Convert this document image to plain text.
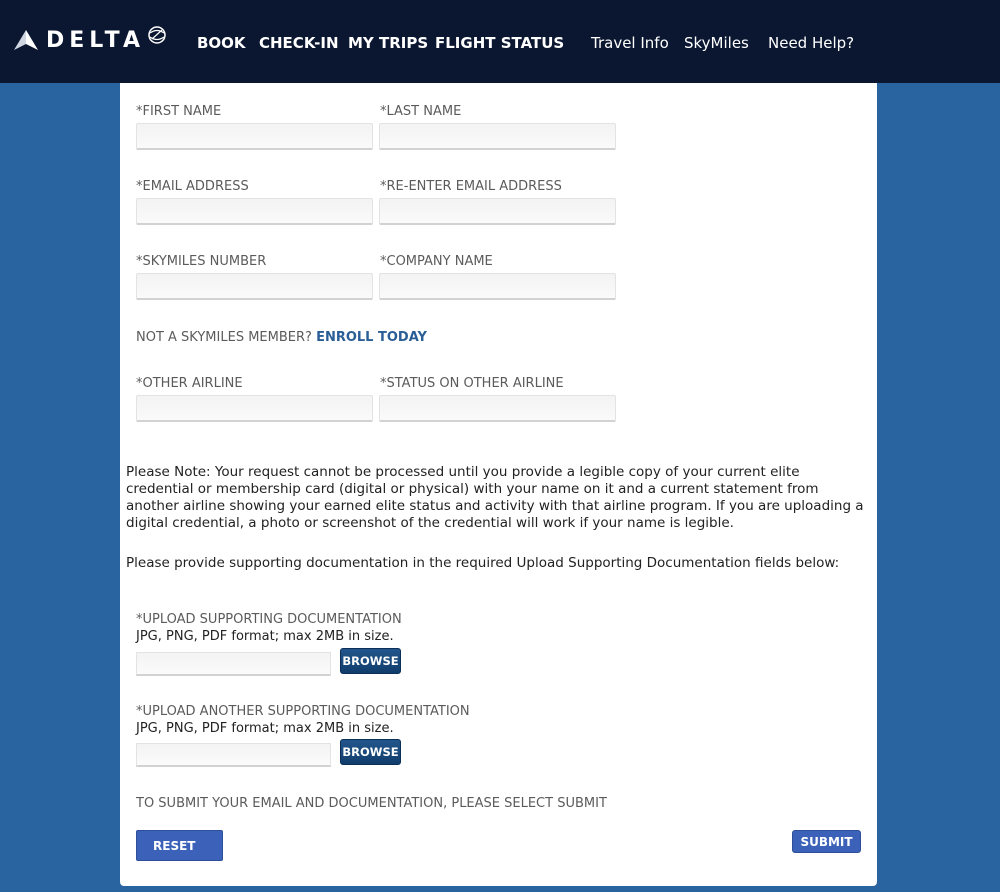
DELTA	BOOK CHECK-IN MY TRIPS FLIGHT STATUS Travel Info SkyMiles Need Help?
*FIRST NAME	*LAST NAME
*EMAIL ADDRESS	*RE-ENTER EMAIL ADDRESS
*SKYMILES NUMBER	*COMPANY NAME
NOT A SKYMILES MEMBER? ENROLL TODAY
*OTHER AIRLINE	*STATUS ON OTHER AIRLINE
Please Note: Your request cannot be processed until you provide a legible copy of your current elite credential or membership card (digital or physical) with your name on it and a current statement from another airline showing your earned elite status and activity with that airline program. If you are uploading a digital credential, a photo or screenshot of the credential will work if your name is legible.
Please provide supporting documentation in the required Upload Supporting Documentation fields below:
*UPLOAD SUPPORTING DOCUMENTATION
JPG, PNG, PDF format; max 2MB in size.
BROWSE
*UPLOAD ANOTHER SUPPORTING DOCUMENTATION
JPG, PNG, PDF format; max 2MB in size.
BROWSE
TO SUBMIT YOUR EMAIL AND DOCUMENTATION, PLEASE SELECT SUBMIT
RESET	SUBMIT
